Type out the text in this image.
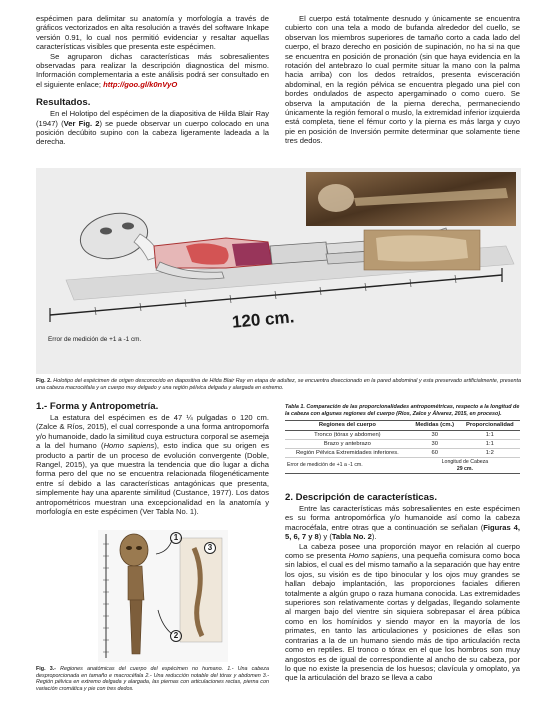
espécimen para delimitar su anatomía y morfología a través de gráficos vectorizados en alta resolución a través del software Inkape versión 0.91, lo cual nos permitió evidenciar y resaltar aquellas características visibles que presenta este espécimen.

Se agruparon dichas características más sobresalientes observadas para realizar la descripción diagnostica del mismo. Información complementaria a este análisis podrá ser consultado en el siguiente enlace; http://goo.gl/k0nVyO

Resultados.

En el Holotipo del espécimen de la diapositiva de Hilda Blair Ray (1947) (Ver Fig. 2) se puede observar un cuerpo colocado en una posición decúbito supino con la cabeza ligeramente ladeada a la derecha.

El cuerpo está totalmente desnudo y únicamente se encuentra cubierto con una tela a modo de bufanda alrededor del cuello, se observan los miembros superiores de tamaño corto a cada lado del cuerpo, el brazo derecho en posición de supinación, no ha si na que se encuentra en posición de pronación (sin que haya evidencia en la rotación del antebrazo lo cual permite situar la mano con la palma hacia arriba) con los dedos retraídos, presenta evisceración abdominal, en la región pélvica se encuentra plegado una piel con bordes ondulados de aspecto apergaminado o como cuero. Se observa la amputación de la pierna derecha, permaneciendo únicamente la región femoral o muslo, la extremidad inferior izquierda está completa, tiene el fémur corto y la pierna es más larga y cuyo pie en posición de Inversión permite determinar que solamente tiene tres dedos.

120 cm.
Error de medición de +1 a -1 cm.
Fig. 2. Holotipo del espécimen de origen desconocido en diapositiva de Hilda Blair Ray en etapa de adultez, se encuentra diseccionado en la pared abdominal y esta preservado artificialmente, presenta una cabeza macrocéfala y un cuerpo muy delgado y una región pélvica delgada y alargada en extremo.

1.- Forma y Antropometría.

La estatura del espécimen es de 47 ¼ pulgadas o 120 cm. (Zalce & Ríos, 2015), el cual corresponde a una forma antropomorfa y/o humanoide, dado la similitud cuya estructura corporal se asemeja a la del humano (Homo sapiens), esto indica que su origen es producto a partir de un proceso de evolución convergente (Doble, Rangel, 2015), ya que muestra la tendencia que dio lugar a dicha forma pero del que no se encuentra relacionada filogenéticamente entre sí debido a las características antagónicas que presenta, simplemente hay una aparente similitud (Custance, 1977). Los datos antropométricos muestran una excepcionalidad en la anatomía y morfología en este espécimen (Ver Tabla No. 1).

1
2
3
Fig. 3.- Regiones anatómicas del cuerpo del espécimen no humano. 1.- Una cabeza desproporcionada en tamaño e macrocéfala 2.- Una reducción notable del tórax y abdomen 3.- Región pélvica en extremo delgada y alargada, las piernas con articulaciones rectas, pierna con variación cromática y pie con tres dedos.
Tabla 1. Comparación de las proporcionalidades antropométricas, respecto a la longitud de la cabeza con algunas regiones del cuerpo (Ríos, Zalce y Álvarez, 2015, en proceso).
Regiones del cuerpo	Medidas (cm.)	Proporcionalidad
Tronco (tórax y abdomen)	30	1:1
Brazo y antebrazo	30	1:1
Región Pélvica Extremidades inferiores.	60	1:2
Error de medición de +1 a -1 cm.	Longitud de Cabeza
29 cm.	

2. Descripción de características.

Entre las características más sobresalientes en este espécimen es su forma antropomórfica y/o humanoide así como la cabeza macrocéfala, entre otras que a continuación se señalan (Figuras 4, 5, 6, 7 y 8) y (Tabla No. 2).

La cabeza posee una proporción mayor en relación al cuerpo como se presenta Homo sapiens, una pequeña comisura como boca sin labios, el cual es del mismo tamaño a la separación que hay entre los ojos, su visión es de tipo binocular y los ojos muy grandes se hallan debajo implantación, las proporciones faciales difieren totalmente a algún grupo o raza humana conocida. Las extremidades superiores son relativamente cortas y delgadas, llegando solamente al margen bajo del vientre sin siquiera sobrepasar el área púbica como en los homínidos y siendo mayor en la mayoría de los primates, en tanto las articulaciones y posiciones de ellas son contrarias a la de un humano siendo más de tipo articulación recta como en reptiles. El tronco o tórax en el que los hombros son muy angostos es de igual de correspondiente al ancho de su cabeza, por lo que no existe la presencia de los huesos; clavícula y omoplato, ya que la articulación del brazo se lleva a cabo
